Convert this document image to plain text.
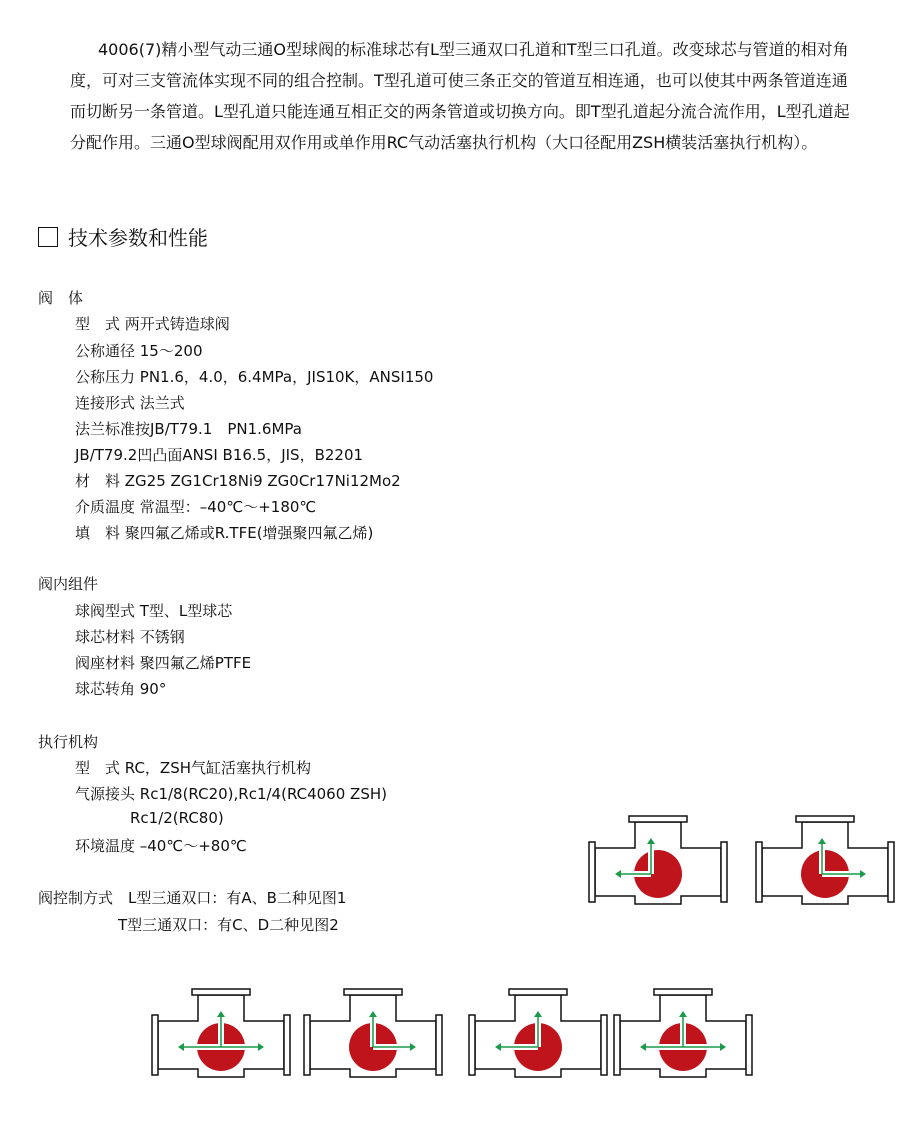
4006(7)精小型气动三通O型球阀的标准球芯有L型三通双口孔道和T型三口孔道。改变球芯与管道的相对角度，可对三支管流体实现不同的组合控制。T型孔道可使三条正交的管道互相连通，也可以使其中两条管道连通而切断另一条管道。L型孔道只能连通互相正交的两条管道或切换方向。即T型孔道起分流合流作用，L型孔道起分配作用。三通O型球阀配用双作用或单作用RC气动活塞执行机构（大口径配用ZSH横装活塞执行机构）。

技术参数和性能
阀　体
型　式 两开式铸造球阀
公称通径 15～200
公称压力 PN1.6，4.0，6.4MPa，JIS10K，ANSI150
连接形式 法兰式
法兰标准按JB/T79.1　PN1.6MPa
JB/T79.2凹凸面ANSI B16.5，JIS，B2201
材　料 ZG25 ZG1Cr18Ni9 ZG0Cr17Ni12Mo2
介质温度 常温型：–40℃～+180℃
填　料 聚四氟乙烯或R.TFE(增强聚四氟乙烯)
阀内组件
球阀型式 T型、L型球芯
球芯材料 不锈钢
阀座材料 聚四氟乙烯PTFE
球芯转角 90°
执行机构
型　式 RC，ZSH气缸活塞执行机构
气源接头 Rc1/8(RC20),Rc1/4(RC4060 ZSH)
Rc1/2(RC80)
环境温度 –40℃～+80℃
阀控制方式　L型三通双口：有A、B二种见图1
T型三通双口：有C、D二种见图2
